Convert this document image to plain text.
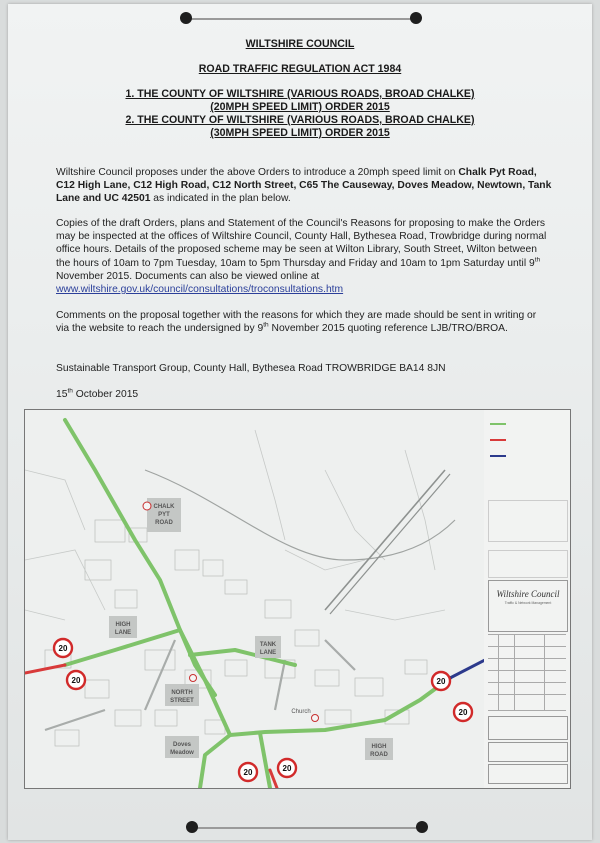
WILTSHIRE COUNCIL
ROAD TRAFFIC REGULATION ACT 1984
1. THE COUNTY OF WILTSHIRE (VARIOUS ROADS, BROAD CHALKE)
(20MPH SPEED LIMIT) ORDER 2015
2. THE COUNTY OF WILTSHIRE (VARIOUS ROADS, BROAD CHALKE)
(30MPH SPEED LIMIT) ORDER 2015
Wiltshire Council proposes under the above Orders to introduce a 20mph speed limit on Chalk Pyt Road, C12 High Lane, C12 High Road, C12 North Street, C65 The Causeway, Doves Meadow, Newtown, Tank Lane and UC 42501 as indicated in the plan below.
Copies of the draft Orders, plans and Statement of the Council's Reasons for proposing to make the Orders may be inspected at the offices of Wiltshire Council, County Hall, Bythesea Road, Trowbridge during normal office hours. Details of the proposed scheme may be seen at Wilton Library, South Street, Wilton between the hours of 10am to 7pm Tuesday, 10am to 5pm Thursday and Friday and 10am to 1pm Saturday until 9th November 2015. Documents can also be viewed online at www.wiltshire.gov.uk/council/consultations/troconsultations.htm
Comments on the proposal together with the reasons for which they are made should be sent in writing or via the website to reach the undersigned by 9th November 2015 quoting reference LJB/TRO/BROA.
Sustainable Transport Group, County Hall, Bythesea Road TROWBRIDGE BA14 8JN
15th October 2015
CHALK
PYT
ROAD
HIGH
LANE
TANK
LANE
NORTH
STREET
Doves
Meadow
HIGH
ROAD
Church
20
20	20
20
20	20
Wiltshire Council
Traffic & Network Management
